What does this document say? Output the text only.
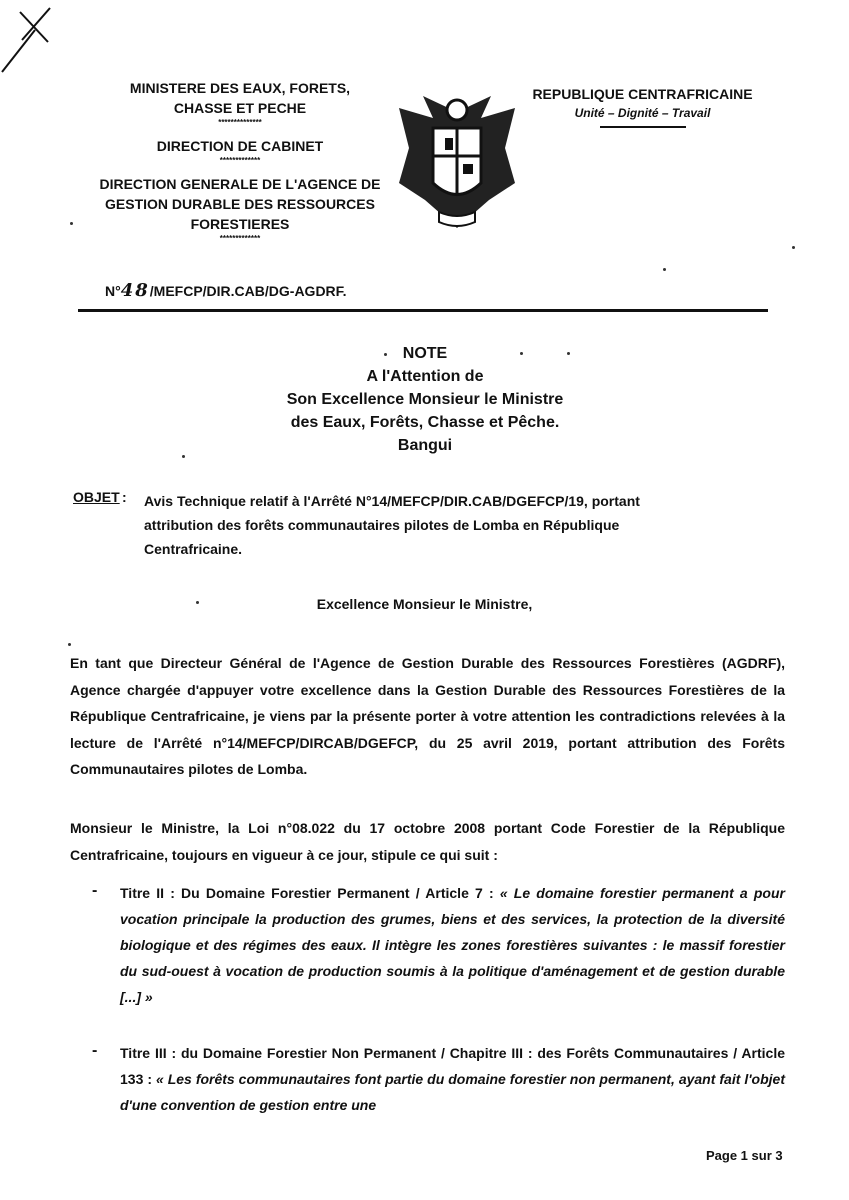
MINISTERE DES EAUX, FORETS, CHASSE ET PECHE
**************
DIRECTION DE CABINET
*************
DIRECTION GENERALE DE L'AGENCE DE GESTION DURABLE DES RESSOURCES FORESTIERES
*************
REPUBLIQUE CENTRAFRICAINE
Unité – Dignité – Travail
N°48/MEFCP/DIR.CAB/DG-AGDRF.
NOTE
A l'Attention de
Son Excellence Monsieur le Ministre
des Eaux, Forêts, Chasse et Pêche.
Bangui
OBJET : Avis Technique relatif à l'Arrêté N°14/MEFCP/DIR.CAB/DGEFCP/19, portant attribution des forêts communautaires pilotes de Lomba en République Centrafricaine.
Excellence Monsieur le Ministre,
En tant que Directeur Général de l'Agence de Gestion Durable des Ressources Forestières (AGDRF), Agence chargée d'appuyer votre excellence dans la Gestion Durable des Ressources Forestières de la République Centrafricaine, je viens par la présente porter à votre attention les contradictions relevées à la lecture de l'Arrêté n°14/MEFCP/DIRCAB/DGEFCP, du 25 avril 2019, portant attribution des Forêts Communautaires pilotes de Lomba.
Monsieur le Ministre, la Loi n°08.022 du 17 octobre 2008 portant Code Forestier de la République Centrafricaine, toujours en vigueur à ce jour, stipule ce qui suit :
- Titre II : Du Domaine Forestier Permanent / Article 7 : « Le domaine forestier permanent a pour vocation principale la production des grumes, biens et des services, la protection de la diversité biologique et des régimes des eaux. Il intègre les zones forestières suivantes : le massif forestier du sud-ouest à vocation de production soumis à la politique d'aménagement et de gestion durable [...] »
- Titre III : du Domaine Forestier Non Permanent / Chapitre III : des Forêts Communautaires / Article 133 : « Les forêts communautaires font partie du domaine forestier non permanent, ayant fait l'objet d'une convention de gestion entre une
Page 1 sur 3
